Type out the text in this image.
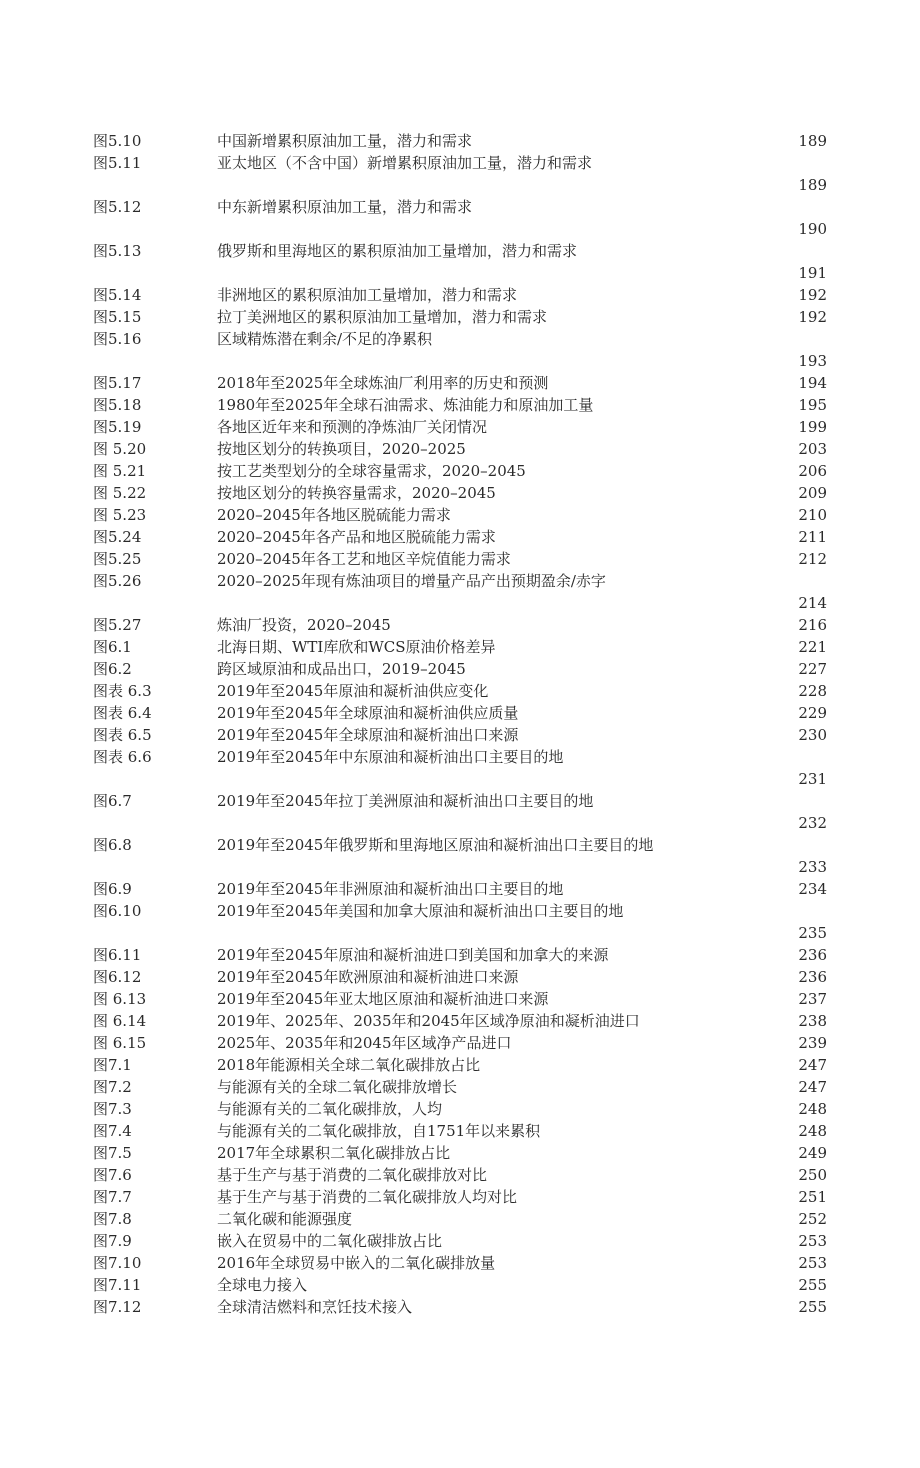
图5.10	中国新增累积原油加工量，潜力和需求	189
图5.11	亚太地区（不含中国）新增累积原油加工量，潜力和需求
189
图5.12	中东新增累积原油加工量，潜力和需求
190
图5.13	俄罗斯和里海地区的累积原油加工量增加，潜力和需求
191
图5.14	非洲地区的累积原油加工量增加，潜力和需求	192
图5.15	拉丁美洲地区的累积原油加工量增加，潜力和需求	192
图5.16	区域精炼潜在剩余/不足的净累积
193
图5.17	2018年至2025年全球炼油厂利用率的历史和预测	194
图5.18	1980年至2025年全球石油需求、炼油能力和原油加工量	195
图5.19	各地区近年来和预测的净炼油厂关闭情况	199
图 5.20	按地区划分的转换项目，2020–2025	203
图 5.21	按工艺类型划分的全球容量需求，2020–2045	206
图 5.22	按地区划分的转换容量需求，2020–2045	209
图 5.23	2020–2045年各地区脱硫能力需求	210
图5.24	2020–2045年各产品和地区脱硫能力需求	211
图5.25	2020–2045年各工艺和地区辛烷值能力需求	212
图5.26	2020–2025年现有炼油项目的增量产品产出预期盈余/赤字
214
图5.27	炼油厂投资，2020–2045	216
图6.1	北海日期、WTI库欣和WCS原油价格差异	221
图6.2	跨区域原油和成品出口，2019–2045	227
图表 6.3	2019年至2045年原油和凝析油供应变化	228
图表 6.4	2019年至2045年全球原油和凝析油供应质量	229
图表 6.5	2019年至2045年全球原油和凝析油出口来源	230
图表 6.6	2019年至2045年中东原油和凝析油出口主要目的地
231
图6.7	2019年至2045年拉丁美洲原油和凝析油出口主要目的地
232
图6.8	2019年至2045年俄罗斯和里海地区原油和凝析油出口主要目的地
233
图6.9	2019年至2045年非洲原油和凝析油出口主要目的地	234
图6.10	2019年至2045年美国和加拿大原油和凝析油出口主要目的地
235
图6.11	2019年至2045年原油和凝析油进口到美国和加拿大的来源	236
图6.12	2019年至2045年欧洲原油和凝析油进口来源	236
图 6.13	2019年至2045年亚太地区原油和凝析油进口来源	237
图 6.14	2019年、2025年、2035年和2045年区域净原油和凝析油进口	238
图 6.15	2025年、2035年和2045年区域净产品进口	239
图7.1	2018年能源相关全球二氧化碳排放占比	247
图7.2	与能源有关的全球二氧化碳排放增长	247
图7.3	与能源有关的二氧化碳排放，人均	248
图7.4	与能源有关的二氧化碳排放，自1751年以来累积	248
图7.5	2017年全球累积二氧化碳排放占比	249
图7.6	基于生产与基于消费的二氧化碳排放对比	250
图7.7	基于生产与基于消费的二氧化碳排放人均对比	251
图7.8	二氧化碳和能源强度	252
图7.9	嵌入在贸易中的二氧化碳排放占比	253
图7.10	2016年全球贸易中嵌入的二氧化碳排放量	253
图7.11	全球电力接入	255
图7.12	全球清洁燃料和烹饪技术接入	255
